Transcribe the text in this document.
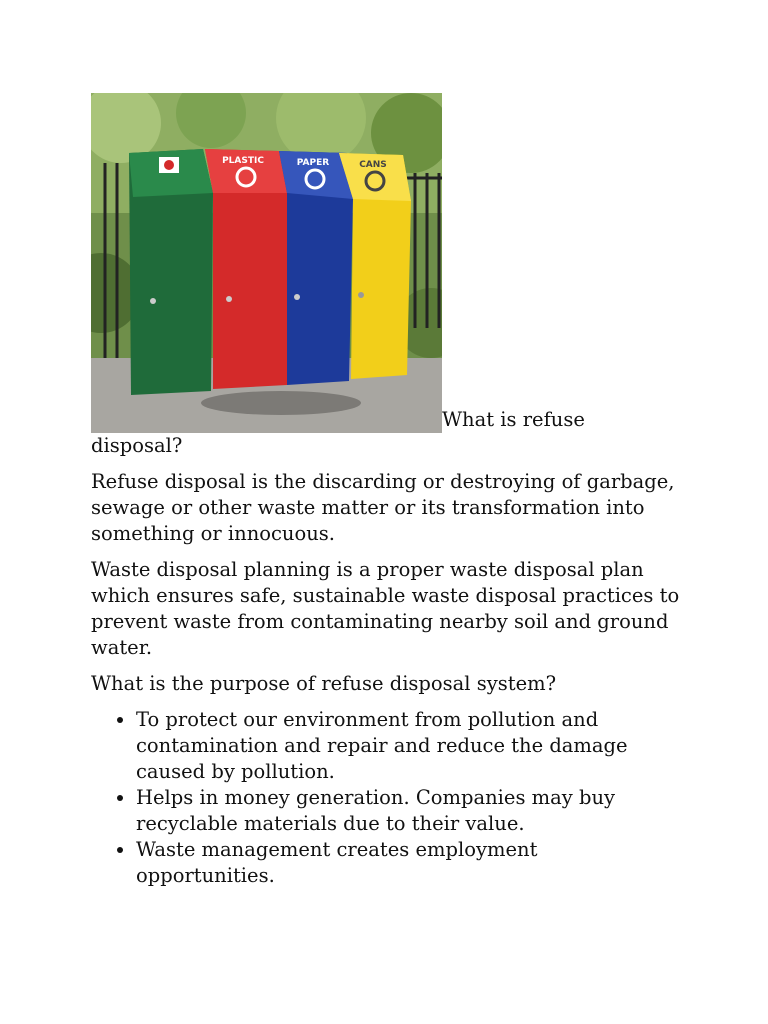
PLASTIC	PAPER	CANS
What is refuse disposal?

Refuse disposal is the discarding or destroying of garbage, sewage or other waste matter or its transformation into something or innocuous.

Waste disposal planning is a proper waste disposal plan which ensures safe, sustainable waste disposal practices to prevent waste from contaminating nearby soil and ground water.

What is the purpose of refuse disposal system?

• To protect our environment from pollution and contamination and repair and reduce the damage caused by pollution.
• Helps in money generation. Companies may buy recyclable materials due to their value.
• Waste management creates employment opportunities.
